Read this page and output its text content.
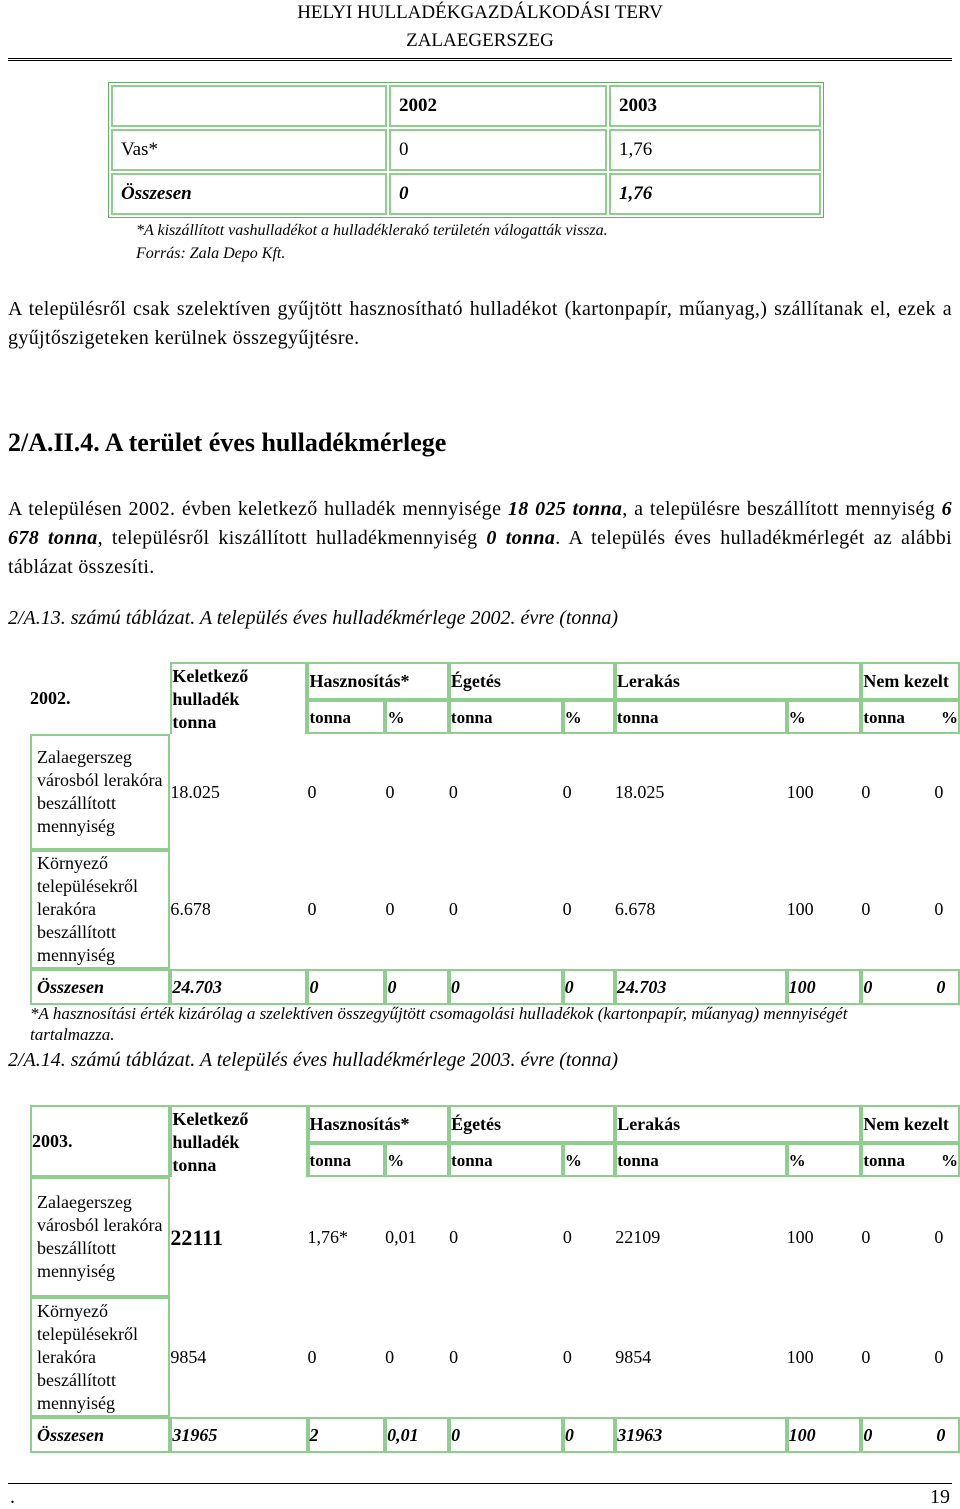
HELYI HULLADÉKGAZDÁLKODÁSI TERV
ZALAEGERSZEG
	2002	2003
Vas*	0	1,76
Összesen	0	1,76
*A kiszállított vashulladékot a hulladéklerakó területén válogatták vissza.
Forrás: Zala Depo Kft.
A településről csak szelektíven gyűjtött hasznosítható hulladékot (kartonpapír, műanyag,) szállítanak el, ezek a gyűjtőszigeteken kerülnek összegyűjtésre.
2/A.II.4. A terület éves hulladékmérlege
A településen 2002. évben keletkező hulladék mennyisége 18 025 tonna, a településre beszállított mennyiség 6 678 tonna, településről kiszállított hulladékmennyiség 0 tonna. A település éves hulladékmérlegét az alábbi táblázat összesíti.
2/A.13. számú táblázat. A település éves hulladékmérlege 2002. évre (tonna)
2002.	Keletkező
hulladék
tonna	Hasznosítás*		Égetés		Lerakás		Nem kezelt
		tonna	%	tonna	%	tonna	%	tonna %
Zalaegerszeg városból lerakóra beszállított mennyiség	18.025	0	0	0	0	18.025	100	0 0
Környező településekről lerakóra beszállított mennyiség	6.678	0	0	0	0	6.678	100	0 0
Összesen	24.703	0	0	0	0	24.703	100	0 0
*A hasznosítási érték kizárólag a szelektíven összegyűjtött csomagolási hulladékok (kartonpapír, műanyag) mennyiségét tartalmazza.
2/A.14. számú táblázat. A település éves hulladékmérlege 2003. évre (tonna)
2003.	Keletkező
hulladék
tonna	Hasznosítás*		Égetés		Lerakás		Nem kezelt
		tonna	%	tonna	%	tonna	%	tonna %
Zalaegerszeg városból lerakóra beszállított mennyiség	22111	1,76*	0,01	0	0	22109	100	0 0
Környező településekről lerakóra beszállított mennyiség	9854	0	0	0	0	9854	100	0 0
Összesen	31965	2	0,01	0	0	31963	100	0 0
.	19
